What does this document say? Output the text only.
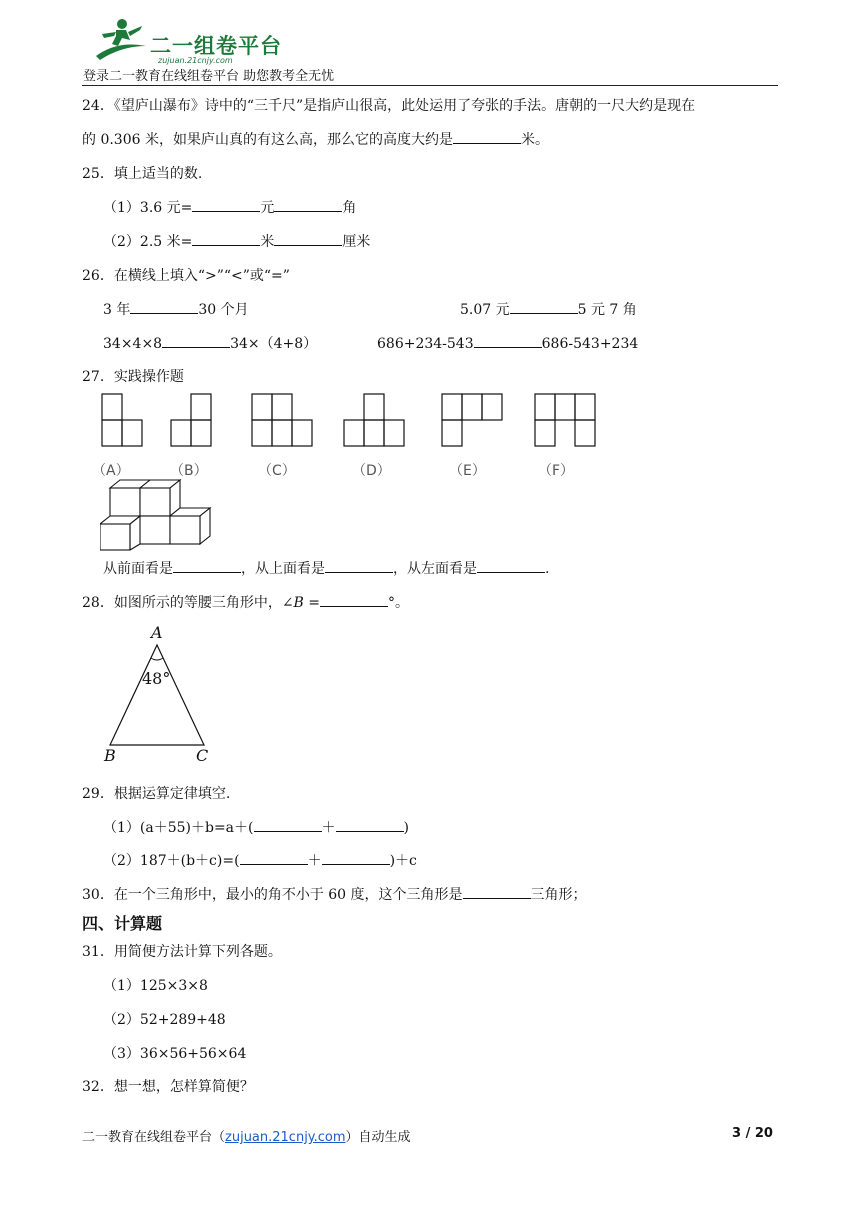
二一组卷平台
zujuan.21cnjy.com
登录二一教育在线组卷平台 助您教考全无忧
24．《望庐山瀑布》诗中的“三千尺”是指庐山很高，此处运用了夸张的手法。唐朝的一尺大约是现在
的 0.306 米，如果庐山真的有这么高，那么它的高度大约是	米。
25．填上适当的数.
（1）3.6 元=	元	角
（2）2.5 米=	米	厘米
26．在横线上填入“>”“<”或“=”
3 年	30 个月	5.07 元	5 元 7 角
34×4×8	34×（4+8）	686+234-543	686-543+234
27．实践操作题
（A）	（B）	（C）	（D）	（E）	（F）
从前面看是	，从上面看是	，从左面看是	.
28．如图所示的等腰三角形中，∠B =	°。
A
B	C
48°
29．根据运算定律填空.
（1）(a＋55)＋b=a＋(	＋	)
（2）187＋(b＋c)=(	＋	)＋c
30．在一个三角形中，最小的角不小于 60 度，这个三角形是	三角形；
四、计算题
31．用简便方法计算下列各题。
（1）125×3×8
（2）52+289+48
（3）36×56+56×64
32．想一想，怎样算简便？
二一教育在线组卷平台（zujuan.21cnjy.com）自动生成	3 / 20
